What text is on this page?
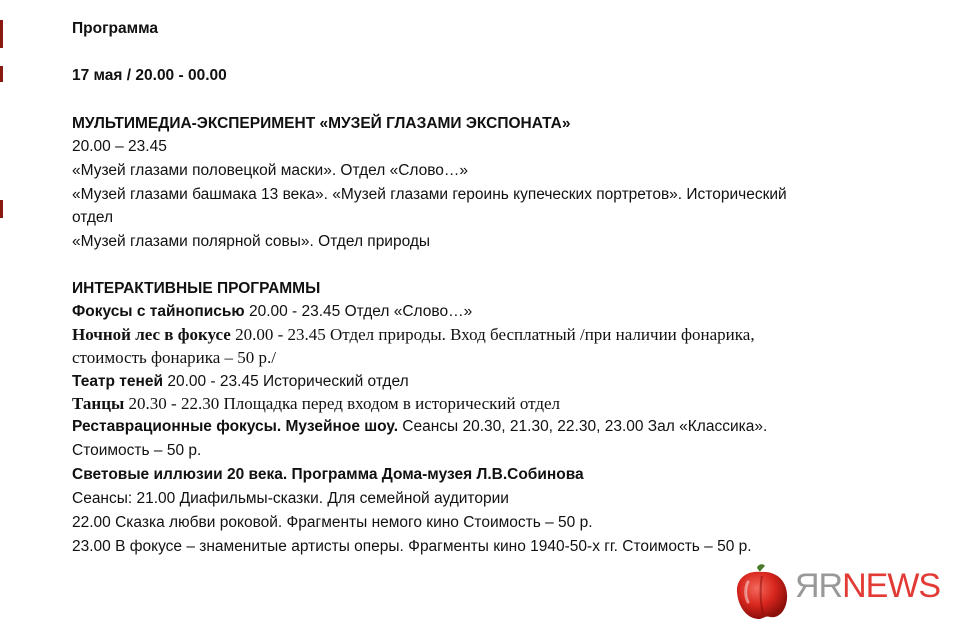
Программа
17 мая / 20.00 - 00.00
МУЛЬТИМЕДИА-ЭКСПЕРИМЕНТ «МУЗЕЙ ГЛАЗАМИ ЭКСПОНАТА»
20.00 – 23.45
«Музей глазами половецкой маски». Отдел «Слово…»
«Музей глазами башмака 13 века». «Музей глазами героинь купеческих портретов». Исторический
отдел
«Музей глазами полярной совы». Отдел природы
ИНТЕРАКТИВНЫЕ ПРОГРАММЫ
Фокусы с тайнописью 20.00 - 23.45 Отдел «Слово…»
Ночной лес в фокусе 20.00 - 23.45 Отдел природы. Вход бесплатный /при наличии фонарика,
стоимость фонарика – 50 р./
Театр теней 20.00 - 23.45 Исторический отдел
Танцы 20.30 - 22.30 Площадка перед входом в исторический отдел
Реставрационные фокусы. Музейное шоу. Сеансы 20.30, 21.30, 22.30, 23.00 Зал «Классика».
Стоимость – 50 р.
Световые иллюзии 20 века. Программа Дома-музея Л.В.Собинова
Сеансы: 21.00 Диафильмы-сказки. Для семейной аудитории
22.00 Сказка любви роковой. Фрагменты немого кино Стоимость – 50 р.
23.00 В фокусе – знаменитые артисты оперы. Фрагменты кино 1940-50-х гг. Стоимость – 50 р.
ЯRNEWS
